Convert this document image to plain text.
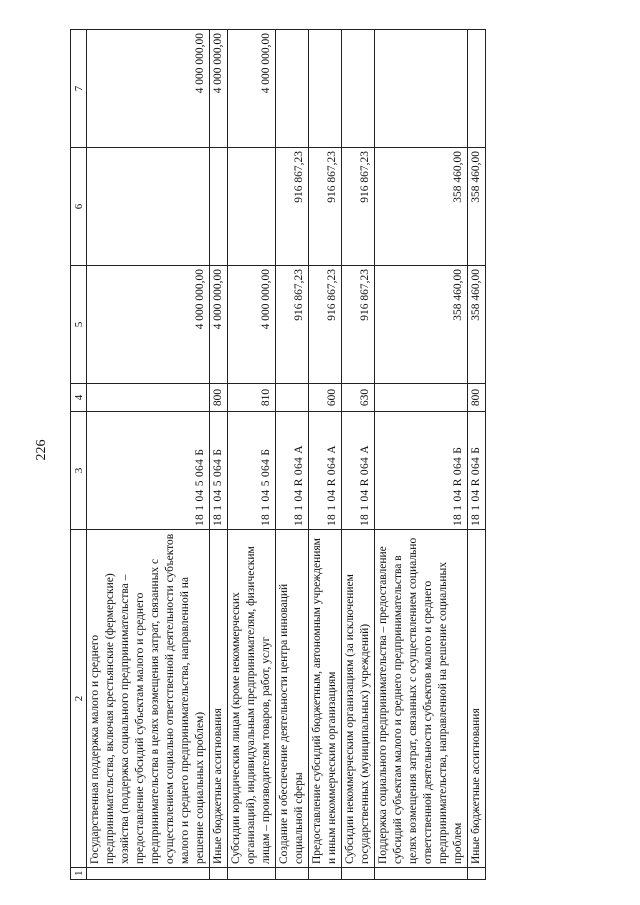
226
1	2	3	4	5	6	7
	Государственная поддержка малого и среднего предпринимательства, включая крестьянские (фермерские) хозяйства (поддержка социального предпринимательства – предоставление субсидий субъектам малого и среднего предпринимательства в целях возмещения затрат, связанных с осуществлением социально ответственной деятельности субъектов малого и среднего предпринимательства, направленной на решение социальных проблем)	18 1 04 5 064 Б		4 000 000,00		4 000 000,00
	Иные бюджетные ассигнования	18 1 04 5 064 Б	800	4 000 000,00		4 000 000,00
	Субсидии юридическим лицам (кроме некоммерческих организаций), индивидуальным предпринимателям, физическим лицам – производителям товаров, работ, услуг	18 1 04 5 064 Б	810	4 000 000,00		4 000 000,00
	Создание и обеспечение деятельности центра инноваций социальной сферы	18 1 04 R 064 А		916 867,23	916 867,23	
	Предоставление субсидий бюджетным, автономным учреждениям и иным некоммерческим организациям	18 1 04 R 064 А	600	916 867,23	916 867,23	
	Субсидии некоммерческим организациям (за исключением государственных (муниципальных) учреждений)	18 1 04 R 064 А	630	916 867,23	916 867,23	
	Поддержка социального предпринимательства – предоставление субсидий субъектам малого и среднего предпринимательства в целях возмещения затрат, связанных с осуществлением социально ответственной деятельности субъектов малого и среднего предпринимательства, направленной на решение социальных проблем	18 1 04 R 064 Б		358 460,00	358 460,00	
	Иные бюджетные ассигнования	18 1 04 R 064 Б	800	358 460,00	358 460,00	
